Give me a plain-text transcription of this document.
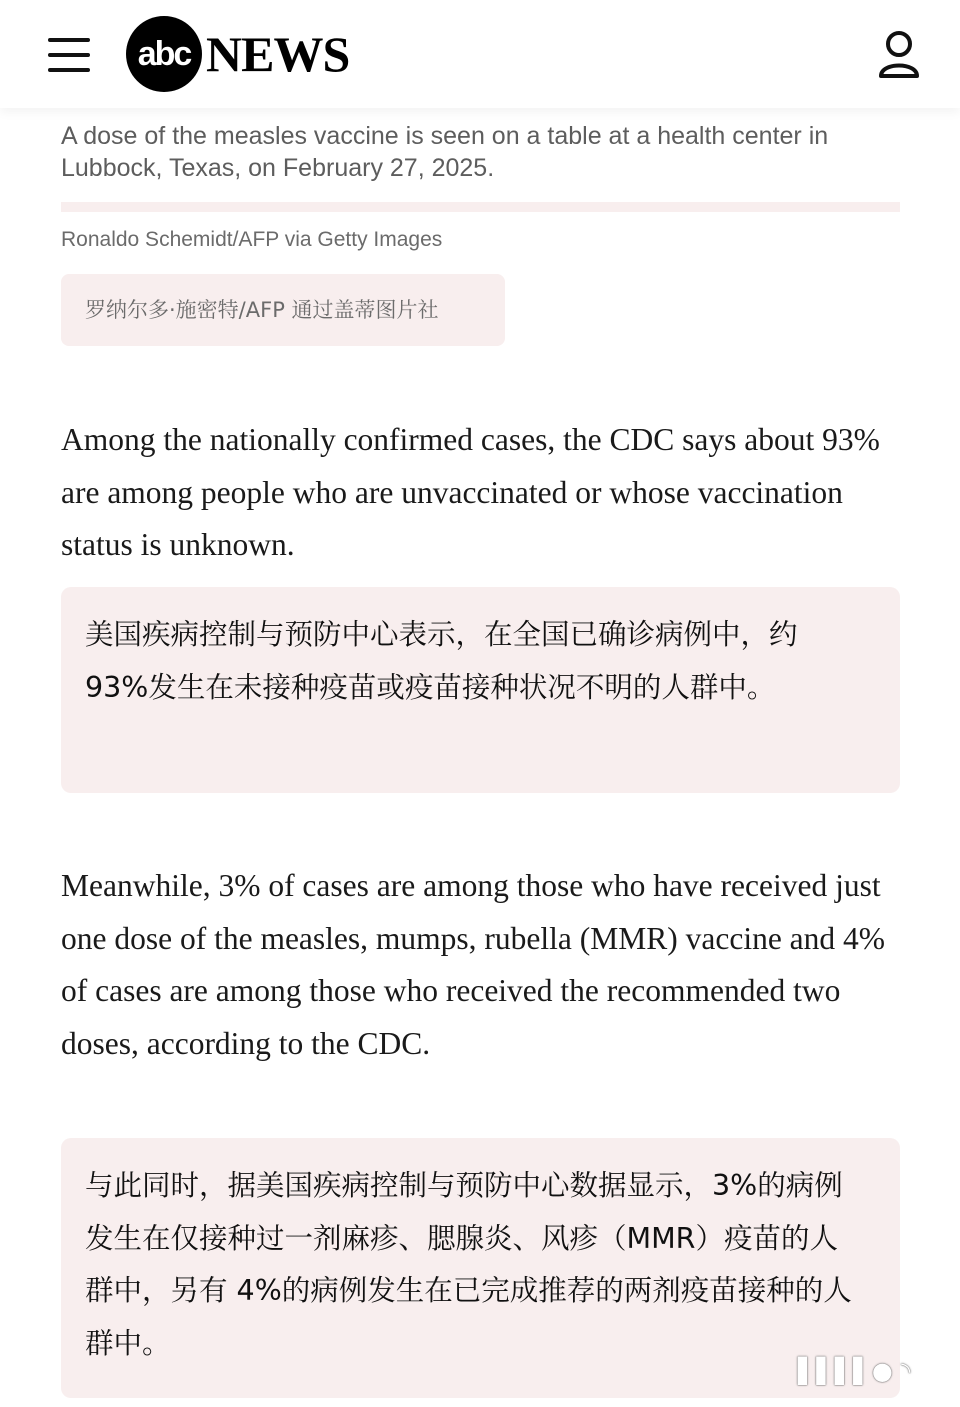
abc NEWS
A dose of the measles vaccine is seen on a table at a health center in Lubbock, Texas, on February 27, 2025.
Ronaldo Schemidt/AFP via Getty Images
罗纳尔多·施密特/AFP 通过盖蒂图片社
Among the nationally confirmed cases, the CDC says about 93% are among people who are unvaccinated or whose vaccination status is unknown.
美国疾病控制与预防中心表示，在全国已确诊病例中，约 93%发生在未接种疫苗或疫苗接种状况不明的人群中。
Meanwhile, 3% of cases are among those who have received just one dose of the measles, mumps, rubella (MMR) vaccine and 4% of cases are among those who received the recommended two doses, according to the CDC.
与此同时，据美国疾病控制与预防中心数据显示，3%的病例发生在仅接种过一剂麻疹、腮腺炎、风疹（MMR）疫苗的人群中，另有 4%的病例发生在已完成推荐的两剂疫苗接种的人群中。
▌▌▌▌● ◝
